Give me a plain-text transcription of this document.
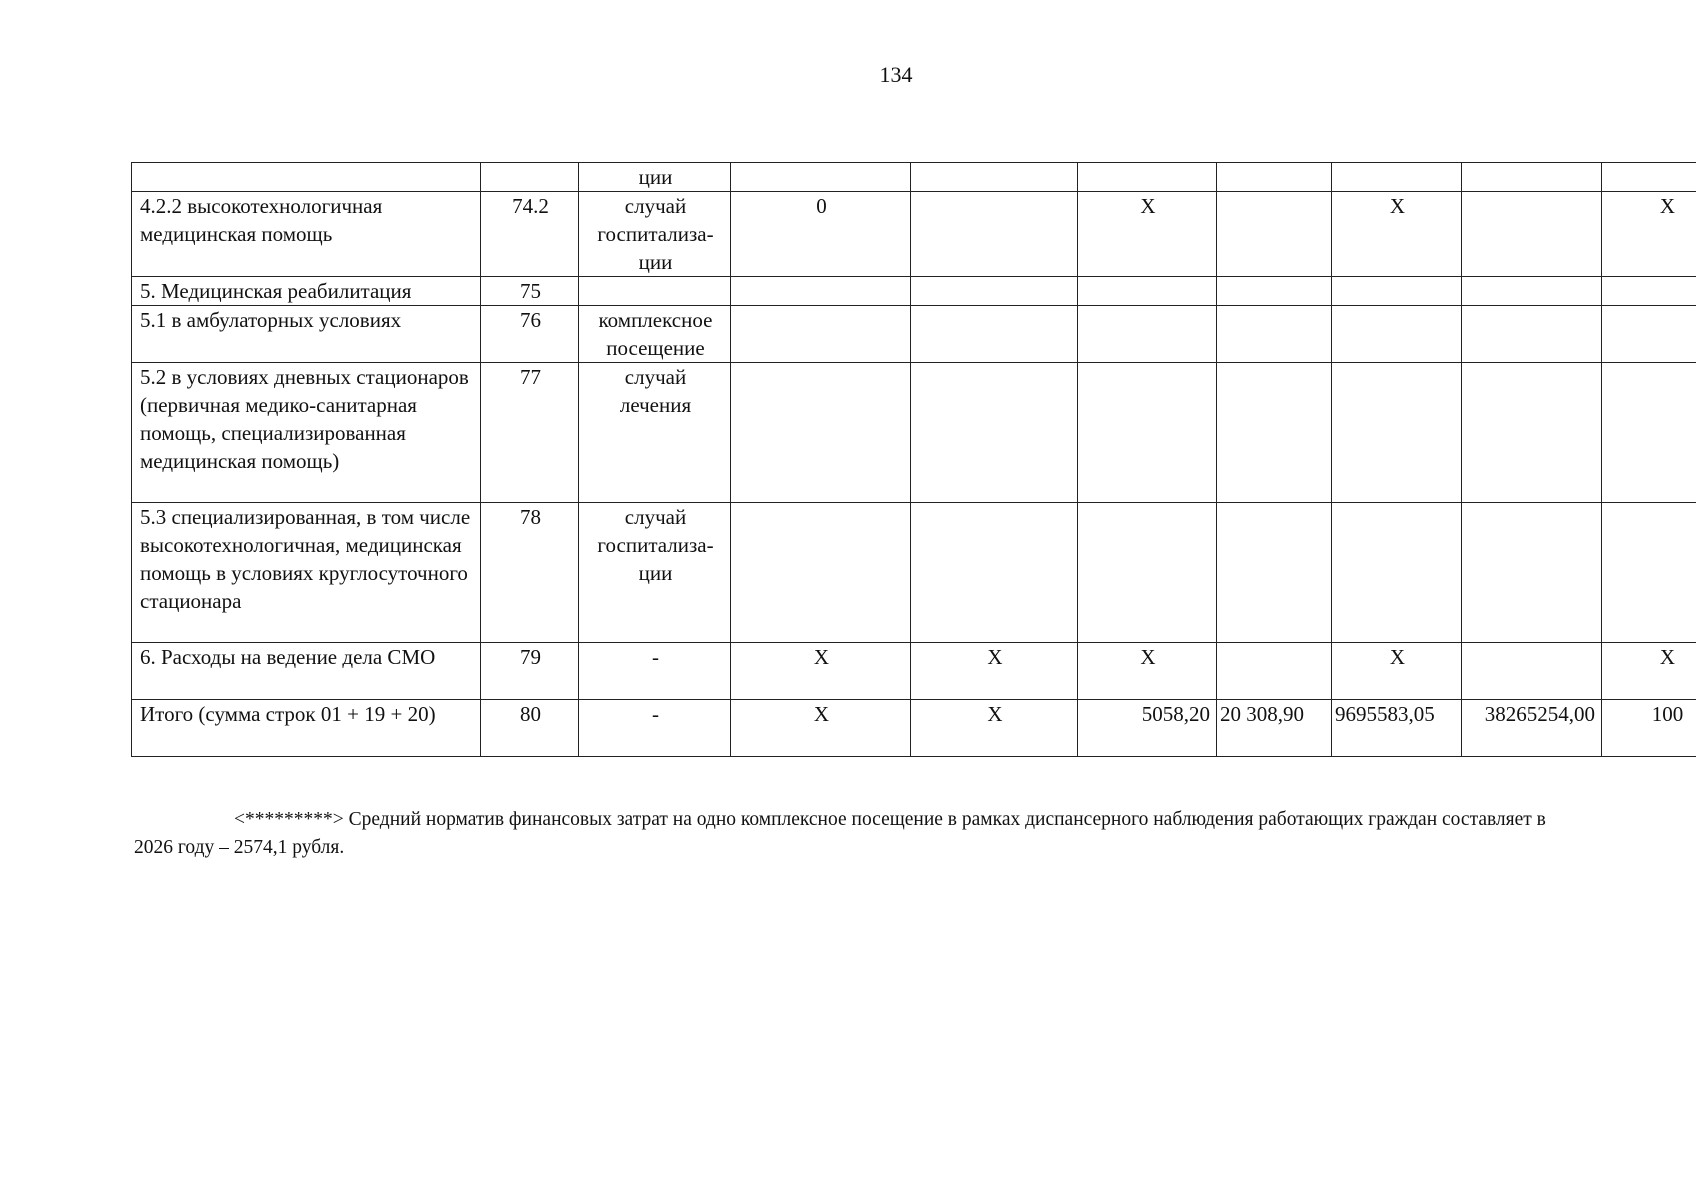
134
		ции							
4.2.2 высокотехнологичная медицинская помощь	74.2	случай госпитализа-ции	0		Х		Х		Х
5. Медицинская реабилитация	75								
5.1 в амбулаторных условиях	76	комплексное посещение							
5.2 в условиях дневных стационаров (первичная медико-санитарная помощь, специализированная медицинская помощь)	77	случай лечения							
5.3 специализированная, в том числе высокотехнологичная, медицинская помощь в условиях круглосуточного стационара	78	случай госпитализа-ции							
6. Расходы на ведение дела СМО	79	-	Х	Х	Х		Х		Х
Итого (сумма строк 01 + 19 + 20)	80	-	Х	Х	5058,20	20 308,90	9695583,05	38265254,00	100
<*********> Средний норматив финансовых затрат на одно комплексное посещение в рамках диспансерного наблюдения работающих граждан составляет в 2026 году – 2574,1 рубля.
